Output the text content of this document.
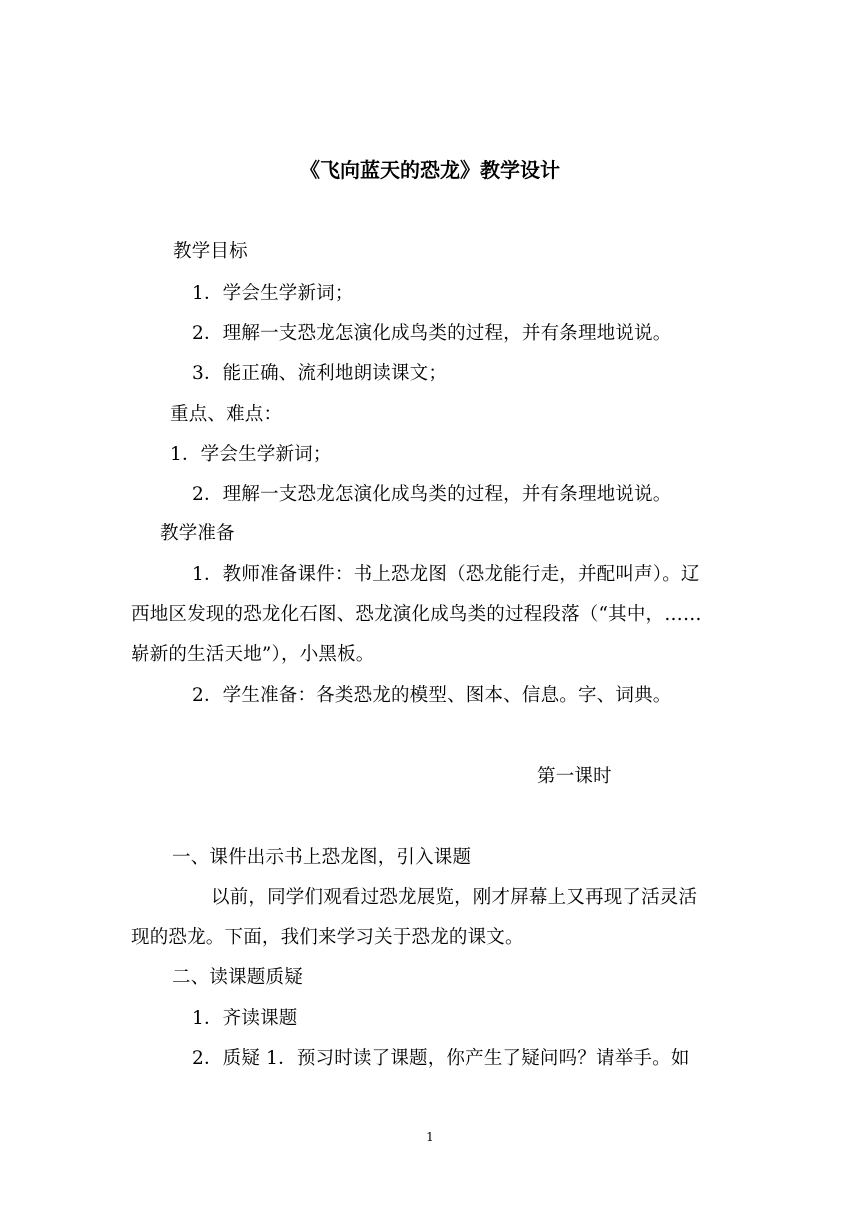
《飞向蓝天的恐龙》教学设计
教学目标
1．学会生学新词；
2．理解一支恐龙怎演化成鸟类的过程，并有条理地说说。
3．能正确、流利地朗读课文；
重点、难点：
1．学会生学新词；
2．理解一支恐龙怎演化成鸟类的过程，并有条理地说说。
教学准备
1．教师准备课件：书上恐龙图（恐龙能行走，并配叫声）。辽
西地区发现的恐龙化石图、恐龙演化成鸟类的过程段落（“其中，……
崭新的生活天地”），小黑板。
2．学生准备：各类恐龙的模型、图本、信息。字、词典。
第一课时
一、课件出示书上恐龙图，引入课题
以前，同学们观看过恐龙展览，刚才屏幕上又再现了活灵活
现的恐龙。下面，我们来学习关于恐龙的课文。
二、读课题质疑
1．齐读课题
2．质疑 1．预习时读了课题，你产生了疑问吗？请举手。如
1
